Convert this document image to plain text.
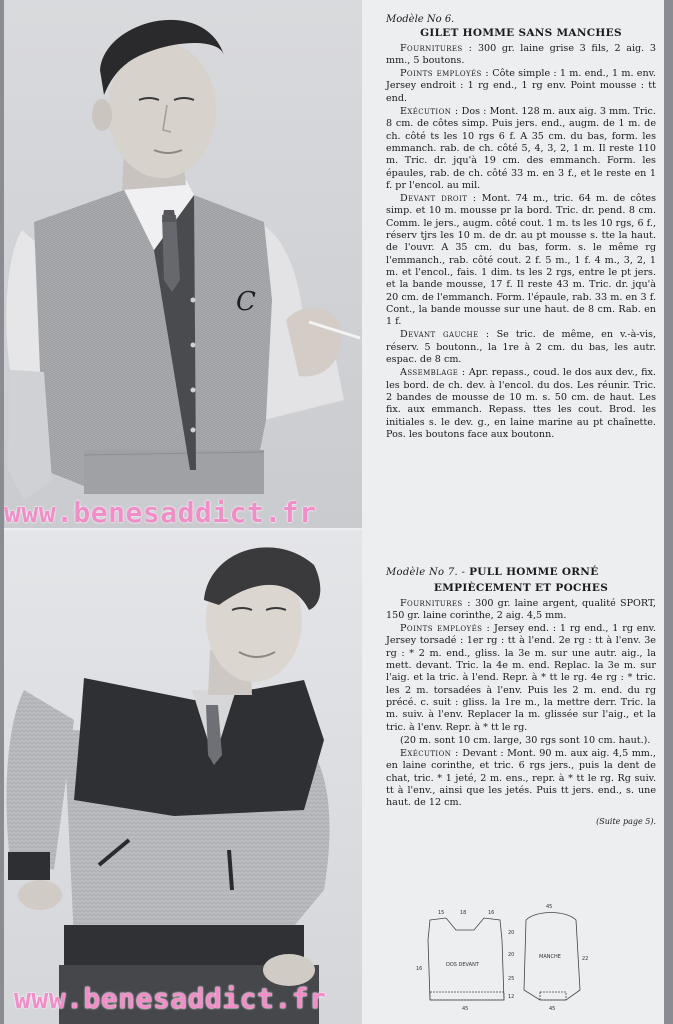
C
Modèle No 6.
GILET HOMME SANS MANCHES

Fournitures : 300 gr. laine grise 3 fils, 2 aig. 3 mm., 5 boutons.

Points employés : Côte simple : 1 m. end., 1 m. env. Jersey endroit : 1 rg end., 1 rg env. Point mousse : tt end.

Exécution : Dos : Mont. 128 m. aux aig. 3 mm. Tric. 8 cm. de côtes simp. Puis jers. end., augm. de 1 m. de ch. côté ts les 10 rgs 6 f. A 35 cm. du bas, form. les emmanch. rab. de ch. côté 5, 4, 3, 2, 1 m. Il reste 110 m. Tric. dr. jqu'à 19 cm. des emmanch. Form. les épaules, rab. de ch. côté 33 m. en 3 f., et le reste en 1 f. pr l'encol. au mil.

Devant droit : Mont. 74 m., tric. 64 m. de côtes simp. et 10 m. mousse pr la bord. Tric. dr. pend. 8 cm. Comm. le jers., augm. côté cout. 1 m. ts les 10 rgs, 6 f., réserv tjrs les 10 m. de dr. au pt mousse s. tte la haut. de l'ouvr. A 35 cm. du bas, form. s. le même rg l'emmanch., rab. côté cout. 2 f. 5 m., 1 f. 4 m., 3, 2, 1 m. et l'encol., fais. 1 dim. ts les 2 rgs, entre le pt jers. et la bande mousse, 17 f. Il reste 43 m. Tric. dr. jqu'à 20 cm. de l'emmanch. Form. l'épaule, rab. 33 m. en 3 f. Cont., la bande mousse sur une haut. de 8 cm. Rab. en 1 f.

Devant gauche : Se tric. de même, en v.-à-vis, réserv. 5 boutonn., la 1re à 2 cm. du bas, les autr. espac. de 8 cm.

Assemblage : Apr. repass., coud. le dos aux dev., fix. les bord. de ch. dev. à l'encol. du dos. Les réunir. Tric. 2 bandes de mousse de 10 m. s. 50 cm. de haut. Les fix. aux emmanch. Repass. ttes les cout. Brod. les initiales s. le dev. g., en laine marine au pt chaînette. Pos. les boutons face aux boutonn.

Modèle No 7. - PULL HOMME ORNÉ
EMPIÈCEMENT ET POCHES

Fournitures : 300 gr. laine argent, qualité SPORT, 150 gr. laine corinthe, 2 aig. 4,5 mm.

Points employés : Jersey end. : 1 rg end., 1 rg env. Jersey torsadé : 1er rg : tt à l'end. 2e rg : tt à l'env. 3e rg : * 2 m. end., gliss. la 3e m. sur une autr. aig., la mett. devant. Tric. la 4e m. end. Replac. la 3e m. sur l'aig. et la tric. à l'end. Repr. à * tt le rg. 4e rg : * tric. les 2 m. torsadées à l'env. Puis les 2 m. end. du rg précé. c. suit : gliss. la 1re m., la mettre derr. Tric. la m. suiv. à l'env. Replacer la m. glissée sur l'aig., et la tric. à l'env. Repr. à * tt le rg.

(20 m. sont 10 cm. large, 30 rgs sont 10 cm. haut.).

Exécution : Devant : Mont. 90 m. aux aig. 4,5 mm., en laine corinthe, et tric. 6 rgs jers., puis la dent de chat, tric. * 1 jeté, 2 m. ens., repr. à * tt le rg. Rg suiv. tt à l'env., ainsi que les jetés. Puis tt jers. end., s. une haut. de 12 cm.

(Suite page 5).
DOS DEVANT
MANCHE
15	18	16
20
16
45
20
25
12
45
22
45
www.benesaddict.fr
www.benesaddict.fr
